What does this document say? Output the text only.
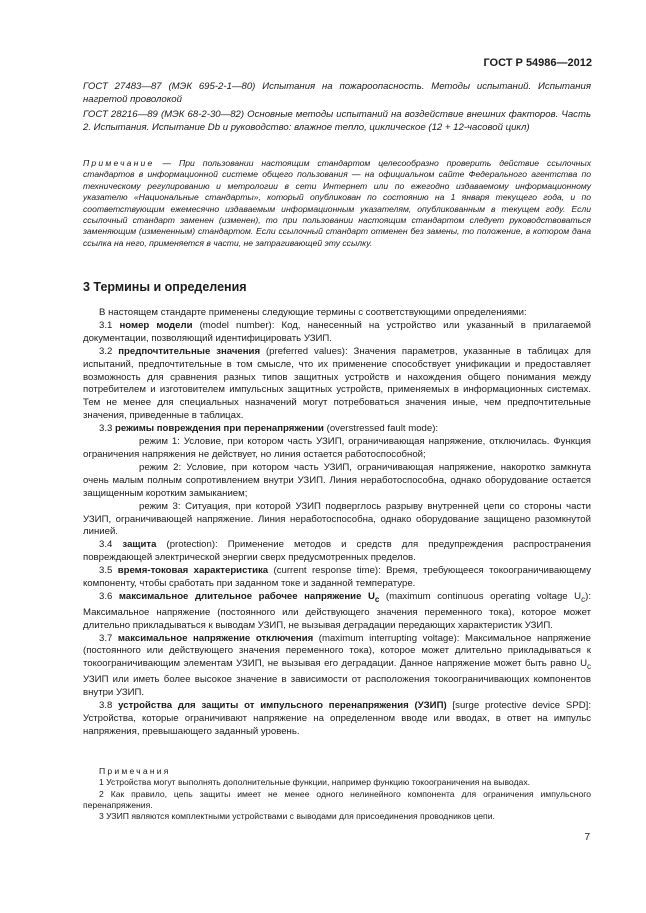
ГОСТ Р 54986—2012

ГОСТ 27483—87 (МЭК 695-2-1—80) Испытания на пожароопасность. Методы испытаний. Испытания нагретой проволокой

ГОСТ 28216—89 (МЭК 68-2-30—82) Основные методы испытаний на воздействие внешних факторов. Часть 2. Испытания. Испытание Db и руководство: влажное тепло, циклическое (12 + 12-часовой цикл)

Примечание — При пользовании настоящим стандартом целесообразно проверить действие ссылочных стандартов в информационной системе общего пользования — на официальном сайте Федерального агентства по техническому регулированию и метрологии в сети Интернет или по ежегодно издаваемому информационному указателю «Национальные стандарты», который опубликован по состоянию на 1 января текущего года, и по соответствующим ежемесячно издаваемым информационным указателям, опубликованным в текущем году. Если ссылочный стандарт заменен (изменен), то при пользовании настоящим стандартом следует руководствоваться заменяющим (измененным) стандартом. Если ссылочный стандарт отменен без замены, то положение, в котором дана ссылка на него, применяется в части, не затрагивающей эту ссылку.

3 Термины и определения

В настоящем стандарте применены следующие термины с соответствующими определениями:

3.1 номер модели (model number): Код, нанесенный на устройство или указанный в прилагаемой документации, позволяющий идентифицировать УЗИП.

3.2 предпочтительные значения (preferred values): Значения параметров, указанные в таблицах для испытаний, предпочтительные в том смысле, что их применение способствует унификации и предоставляет возможность для сравнения разных типов защитных устройств и нахождения общего понимания между потребителем и изготовителем импульсных защитных устройств, применяемых в информационных системах. Тем не менее для специальных назначений могут потребоваться значения иные, чем предпочтительные значения, приведенные в таблицах.

3.3 режимы повреждения при перенапряжении (overstressed fault mode):

режим 1: Условие, при котором часть УЗИП, ограничивающая напряжение, отключилась. Функция ограничения напряжения не действует, но линия остается работоспособной;

режим 2: Условие, при котором часть УЗИП, ограничивающая напряжение, накоротко замкнута очень малым полным сопротивлением внутри УЗИП. Линия неработоспособна, однако оборудование остается защищенным коротким замыканием;

режим 3: Ситуация, при которой УЗИП подверглось разрыву внутренней цепи со стороны части УЗИП, ограничивающей напряжение. Линия неработоспособна, однако оборудование защищено разомкнутой линией.

3.4 защита (protection): Применение методов и средств для предупреждения распространения повреждающей электрической энергии сверх предусмотренных пределов.

3.5 время-токовая характеристика (current response time): Время, требующееся токоограничивающему компоненту, чтобы сработать при заданном токе и заданной температуре.

3.6 максимальное длительное рабочее напряжение $U_c$ (maximum continuous operating voltage $U_c$): Максимальное напряжение (постоянного или действующего значения переменного тока), которое может длительно прикладываться к выводам УЗИП, не вызывая деградации передающих характеристик УЗИП.

3.7 максимальное напряжение отключения (maximum interrupting voltage): Максимальное напряжение (постоянного или действующего значения переменного тока), которое может длительно прикладываться к токоограничивающим элементам УЗИП, не вызывая его деградации. Данное напряжение может быть равно $U_c$ УЗИП или иметь более высокое значение в зависимости от расположения токоограничивающих компонентов внутри УЗИП.

3.8 устройства для защиты от импульсного перенапряжения (УЗИП) [surge protective device SPD]: Устройства, которые ограничивают напряжение на определенном вводе или вводах, в ответ на импульс напряжения, превышающего заданный уровень.

Примечания

1 Устройства могут выполнять дополнительные функции, например функцию токоограничения на выводах.

2 Как правило, цепь защиты имеет не менее одного нелинейного компонента для ограничения импульсного перенапряжения.

3 УЗИП являются комплектными устройствами с выводами для присоединения проводников цепи.

7
